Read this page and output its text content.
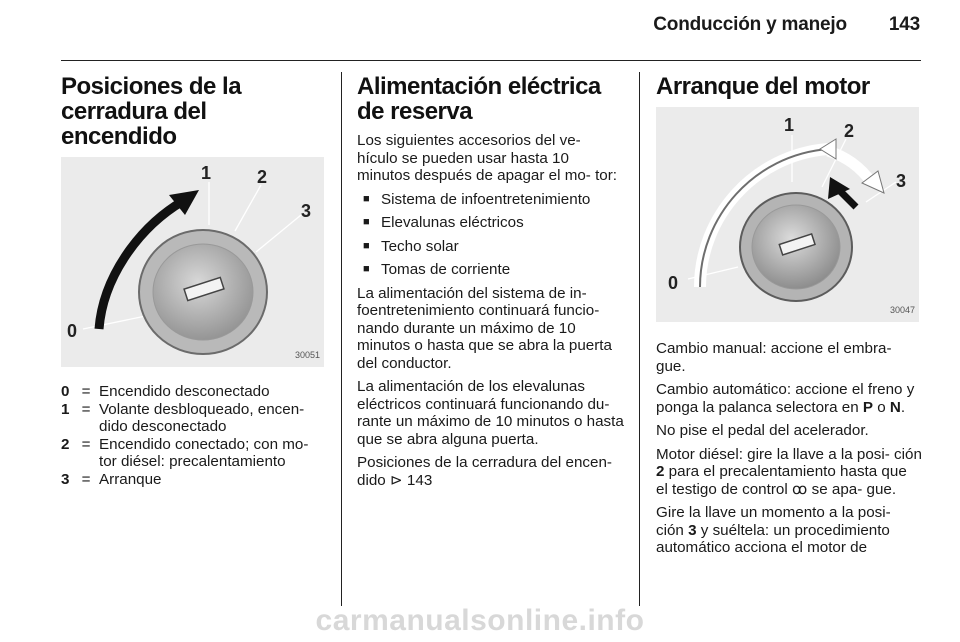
Conducción y manejo 143
Posiciones de la cerradura del encendido
0
1	2
3
30051
0 = Encendido desconectado
1 = Volante desbloqueado, encen- dido desconectado
2 = Encendido conectado; con mo- tor diésel: precalentamiento
3 = Arranque
Alimentación eléctrica de reserva

Los siguientes accesorios del ve- hículo se pueden usar hasta 10 minutos después de apagar el mo- tor:

■ Sistema de infoentretenimiento
■ Elevalunas eléctricos
■ Techo solar
■ Tomas de corriente

La alimentación del sistema de in- foentretenimiento continuará funcio- nando durante un máximo de 10 minutos o hasta que se abra la puerta del conductor.

La alimentación de los elevalunas eléctricos continuará funcionando du- rante un máximo de 10 minutos o hasta que se abra alguna puerta.

Posiciones de la cerradura del encen- dido ⊳ 143

Arranque del motor
0
1	2
3
30047

Cambio manual: accione el embra- gue.

Cambio automático: accione el freno y ponga la palanca selectora en P o N.

No pise el pedal del acelerador.

Motor diésel: gire la llave a la posi- ción 2 para el precalentamiento hasta que el testigo de control ꝏ se apa- gue.

Gire la llave un momento a la posi- ción 3 y suéltela: un procedimiento automático acciona el motor de

carmanualsonline.info
